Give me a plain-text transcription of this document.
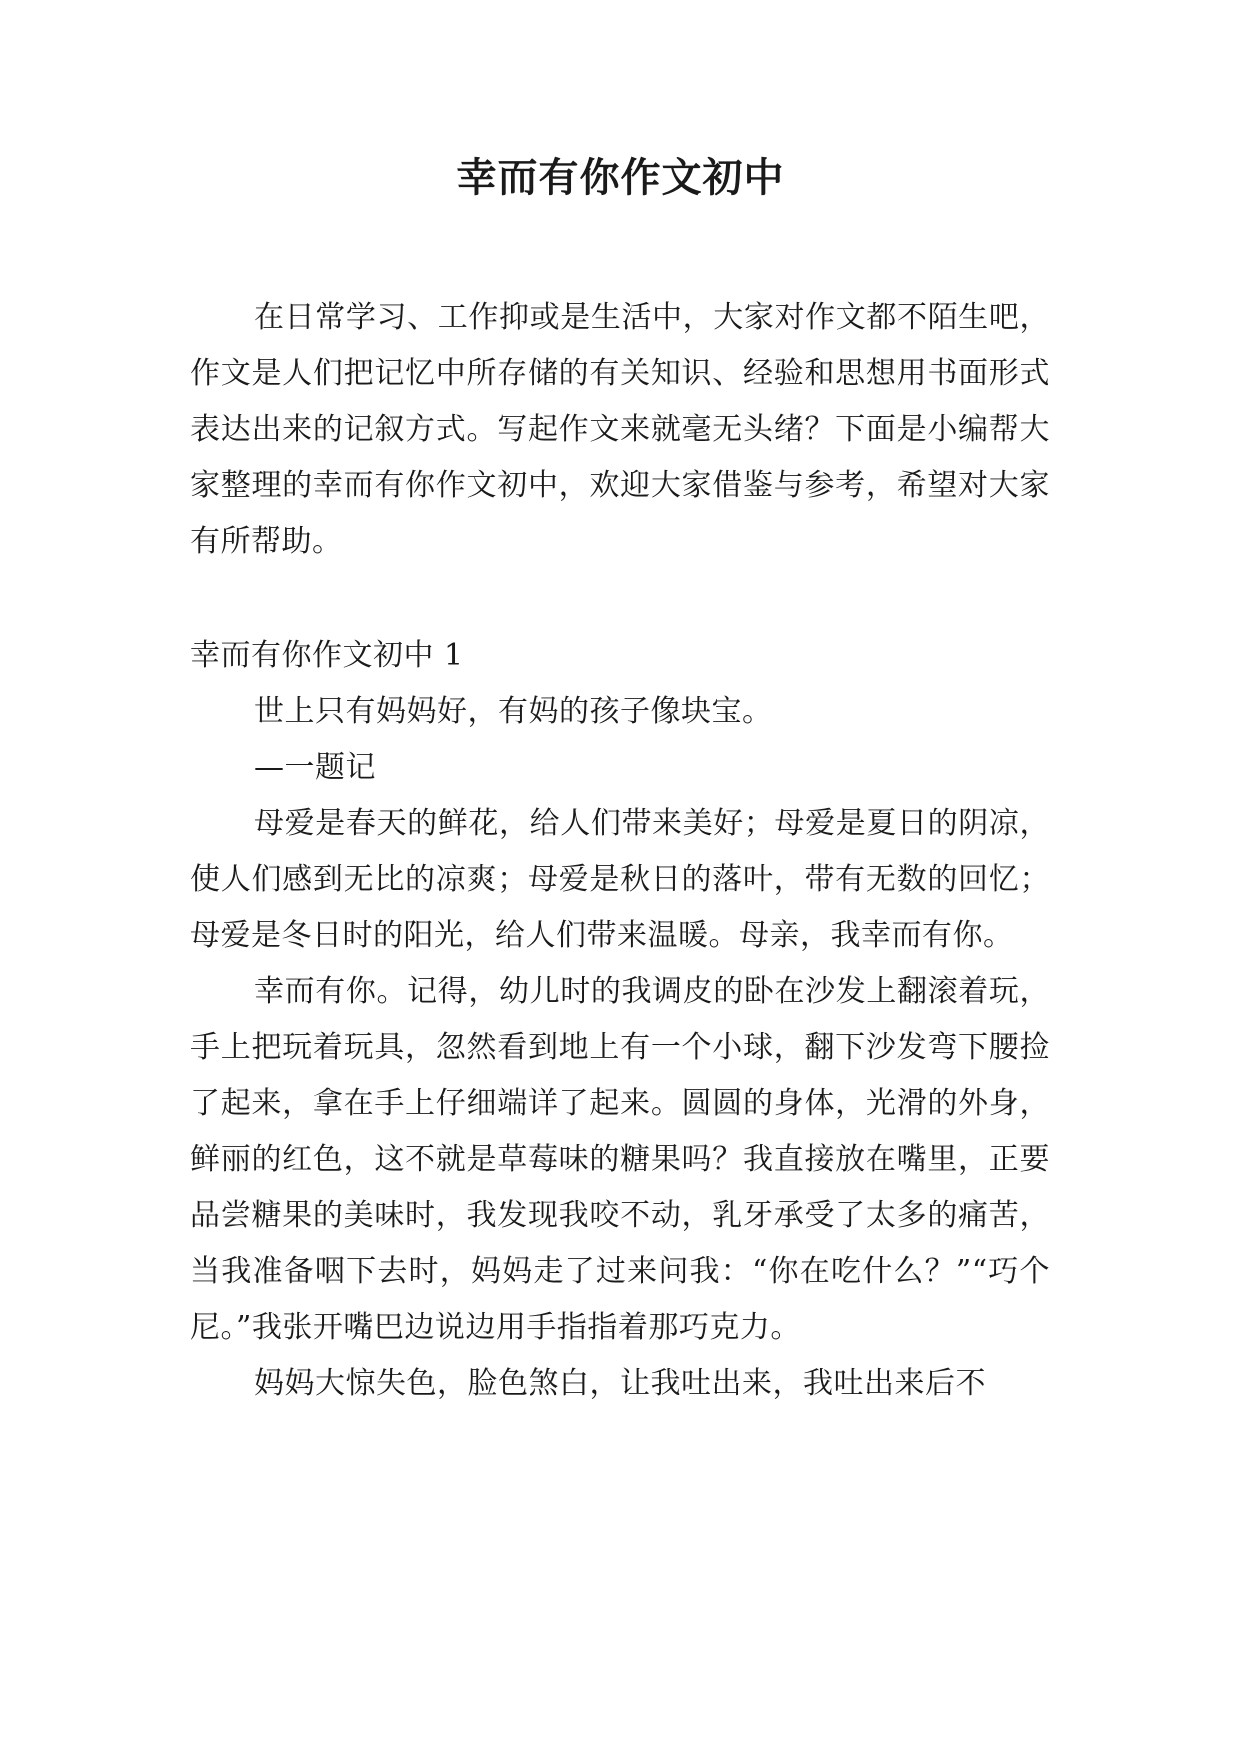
幸而有你作文初中

在日常学习、工作抑或是生活中，大家对作文都不陌生吧，作文是人们把记忆中所存储的有关知识、经验和思想用书面形式表达出来的记叙方式。写起作文来就毫无头绪？下面是小编帮大家整理的幸而有你作文初中，欢迎大家借鉴与参考，希望对大家有所帮助。

幸而有你作文初中 1

世上只有妈妈好，有妈的孩子像块宝。

—一题记

母爱是春天的鲜花，给人们带来美好；母爱是夏日的阴凉，使人们感到无比的凉爽；母爱是秋日的落叶，带有无数的回忆；母爱是冬日时的阳光，给人们带来温暖。母亲，我幸而有你。

幸而有你。记得，幼儿时的我调皮的卧在沙发上翻滚着玩，手上把玩着玩具，忽然看到地上有一个小球，翻下沙发弯下腰捡了起来，拿在手上仔细端详了起来。圆圆的身体，光滑的外身，鲜丽的红色，这不就是草莓味的糖果吗？我直接放在嘴里，正要品尝糖果的美味时，我发现我咬不动，乳牙承受了太多的痛苦，当我准备咽下去时，妈妈走了过来问我：“你在吃什么？”“巧个尼。”我张开嘴巴边说边用手指指着那巧克力。

妈妈大惊失色，脸色煞白，让我吐出来，我吐出来后不
